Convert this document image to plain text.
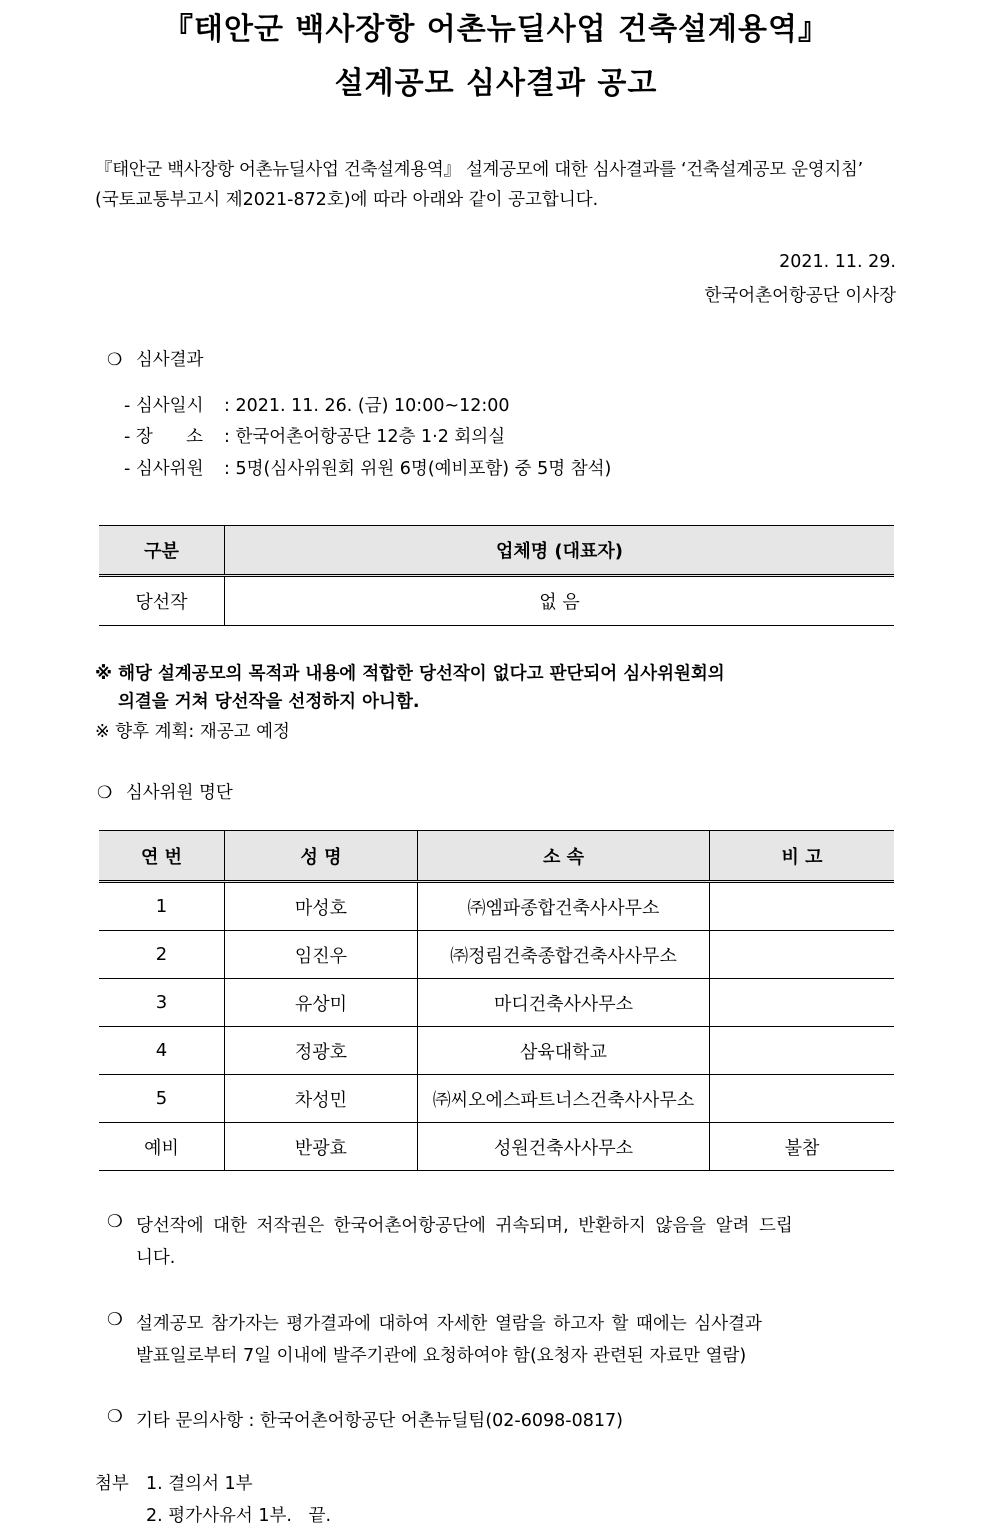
『태안군 백사장항 어촌뉴딜사업 건축설계용역』
설계공모 심사결과 공고
『태안군 백사장항 어촌뉴딜사업 건축설계용역』 설계공모에 대한 심사결과를 ‘건축설계공모 운영지침’
(국토교통부고시 제2021-872호)에 따라 아래와 같이 공고합니다.
2021. 11. 29.
한국어촌어항공단 이사장
❍ 심사결과
- 심사일시 : 2021. 11. 26. (금) 10:00~12:00
- 장      소 : 한국어촌어항공단 12층 1·2 회의실
- 심사위원 : 5명(심사위원회 위원 6명(예비포함) 중 5명 참석)
구분	업체명 (대표자)
당선작	없 음
※ 해당 설계공모의 목적과 내용에 적합한 당선작이 없다고 판단되어 심사위원회의
의결을 거쳐 당선작을 선정하지 아니함.
※ 향후 계획: 재공고 예정
❍ 심사위원 명단
연 번	성 명	소 속	비 고
1	마성호	㈜엠파종합건축사사무소	
2	임진우	㈜정림건축종합건축사사무소	
3	유상미	마디건축사사무소	
4	정광호	삼육대학교	
5	차성민	㈜씨오에스파트너스건축사사무소	
예비	반광효	성원건축사사무소	불참
❍ 당선작에 대한 저작권은 한국어촌어항공단에 귀속되며, 반환하지 않음을 알려 드립
니다.
❍ 설계공모 참가자는 평가결과에 대하여 자세한 열람을 하고자 할 때에는 심사결과
발표일로부터 7일 이내에 발주기관에 요청하여야 함(요청자 관련된 자료만 열람)
❍ 기타 문의사항 : 한국어촌어항공단 어촌뉴딜팀(02-6098-0817)
첨부 1. 결의서 1부
2. 평가사유서 1부.   끝.
